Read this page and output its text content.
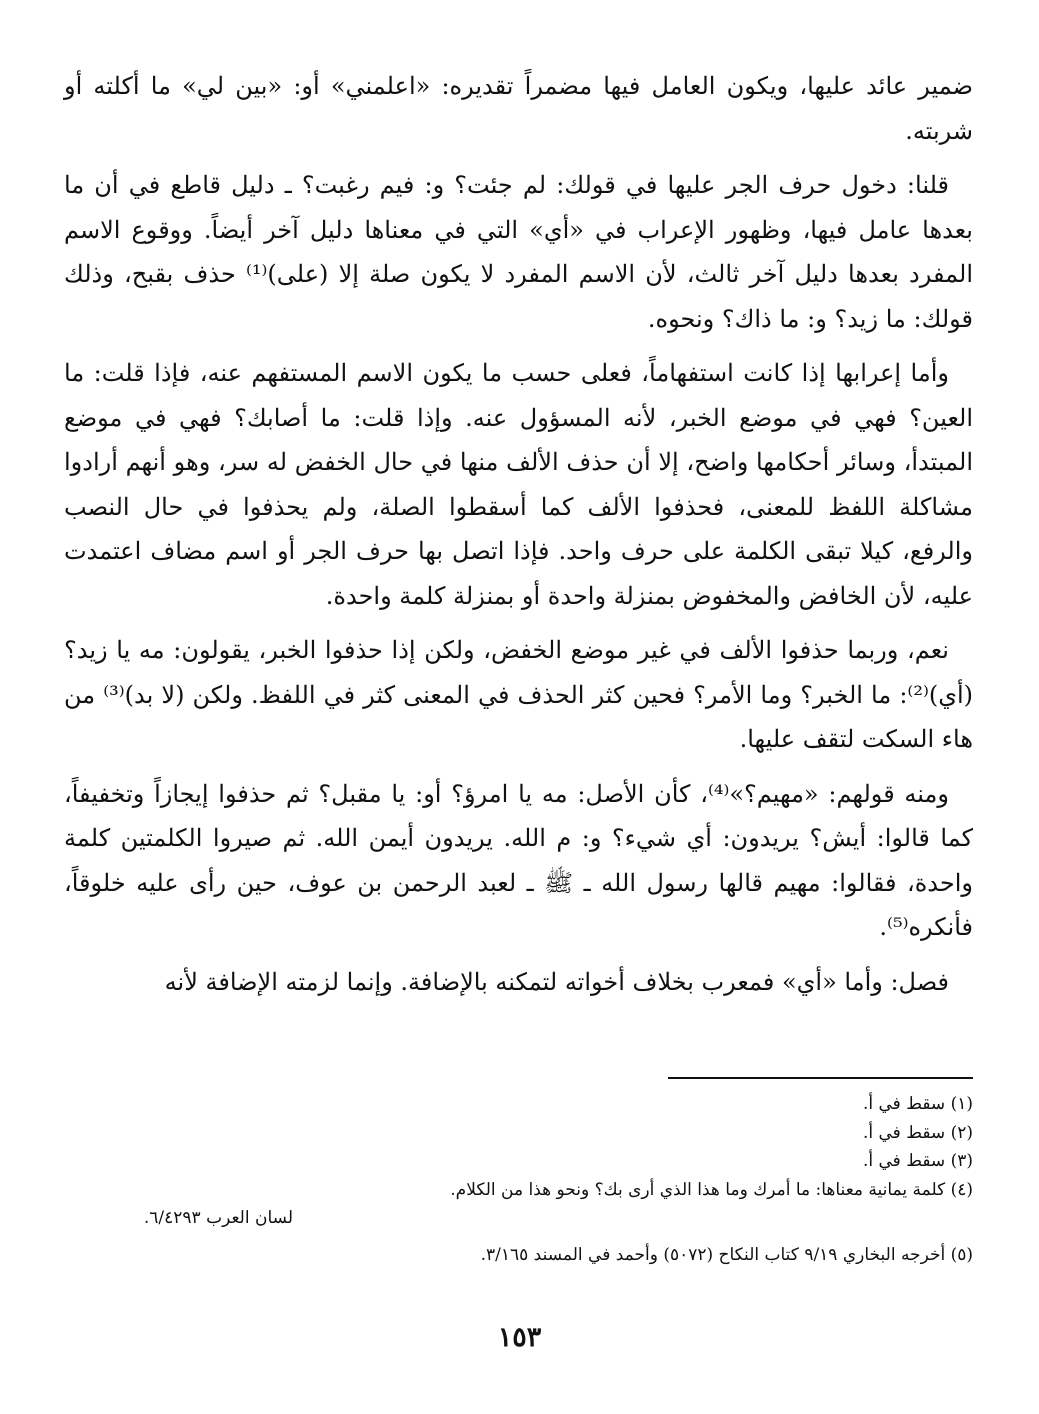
ضمير عائد عليها، ويكون العامل فيها مضمراً تقديره: «اعلمني» أو: «بين لي» ما أكلته أو شربته.

قلنا: دخول حرف الجر عليها في قولك: لم جئت؟ و: فيم رغبت؟ ـ دليل قاطع في أن ما بعدها عامل فيها، وظهور الإعراب في «أي» التي في معناها دليل آخر أيضاً. ووقوع الاسم المفرد بعدها دليل آخر ثالث، لأن الاسم المفرد لا يكون صلة إلا (على)⁽¹⁾ حذف بقبح، وذلك قولك: ما زيد؟ و: ما ذاك؟ ونحوه.

وأما إعرابها إذا كانت استفهاماً، فعلى حسب ما يكون الاسم المستفهم عنه، فإذا قلت: ما العين؟ فهي في موضع الخبر، لأنه المسؤول عنه. وإذا قلت: ما أصابك؟ فهي في موضع المبتدأ، وسائر أحكامها واضح، إلا أن حذف الألف منها في حال الخفض له سر، وهو أنهم أرادوا مشاكلة اللفظ للمعنى، فحذفوا الألف كما أسقطوا الصلة، ولم يحذفوا في حال النصب والرفع، كيلا تبقى الكلمة على حرف واحد. فإذا اتصل بها حرف الجر أو اسم مضاف اعتمدت عليه، لأن الخافض والمخفوض بمنزلة واحدة أو بمنزلة كلمة واحدة.

نعم، وربما حذفوا الألف في غير موضع الخفض، ولكن إذا حذفوا الخبر، يقولون: مه يا زيد؟ (أي)⁽²⁾: ما الخبر؟ وما الأمر؟ فحين كثر الحذف في المعنى كثر في اللفظ. ولكن (لا بد)⁽³⁾ من هاء السكت لتقف عليها.

ومنه قولهم: «مهيم؟»⁽⁴⁾، كأن الأصل: مه يا امرؤ؟ أو: يا مقبل؟ ثم حذفوا إيجازاً وتخفيفاً، كما قالوا: أيش؟ يريدون: أي شيء؟ و: م الله. يريدون أيمن الله. ثم صيروا الكلمتين كلمة واحدة، فقالوا: مهيم قالها رسول الله ـ ﷺ ـ لعبد الرحمن بن عوف، حين رأى عليه خلوقاً، فأنكره⁽⁵⁾.

فصل: وأما «أي» فمعرب بخلاف أخواته لتمكنه بالإضافة. وإنما لزمته الإضافة لأنه

(١) سقط في أ.

(٢) سقط في أ.

(٣) سقط في أ.

(٤) كلمة يمانية معناها: ما أمرك وما هذا الذي أرى بك؟ ونحو هذا من الكلام.

لسان العرب ٦/٤٢٩٣.

(٥) أخرجه البخاري ٩/١٩ كتاب النكاح (٥٠٧٢) وأحمد في المسند ٣/١٦٥.

١٥٣
